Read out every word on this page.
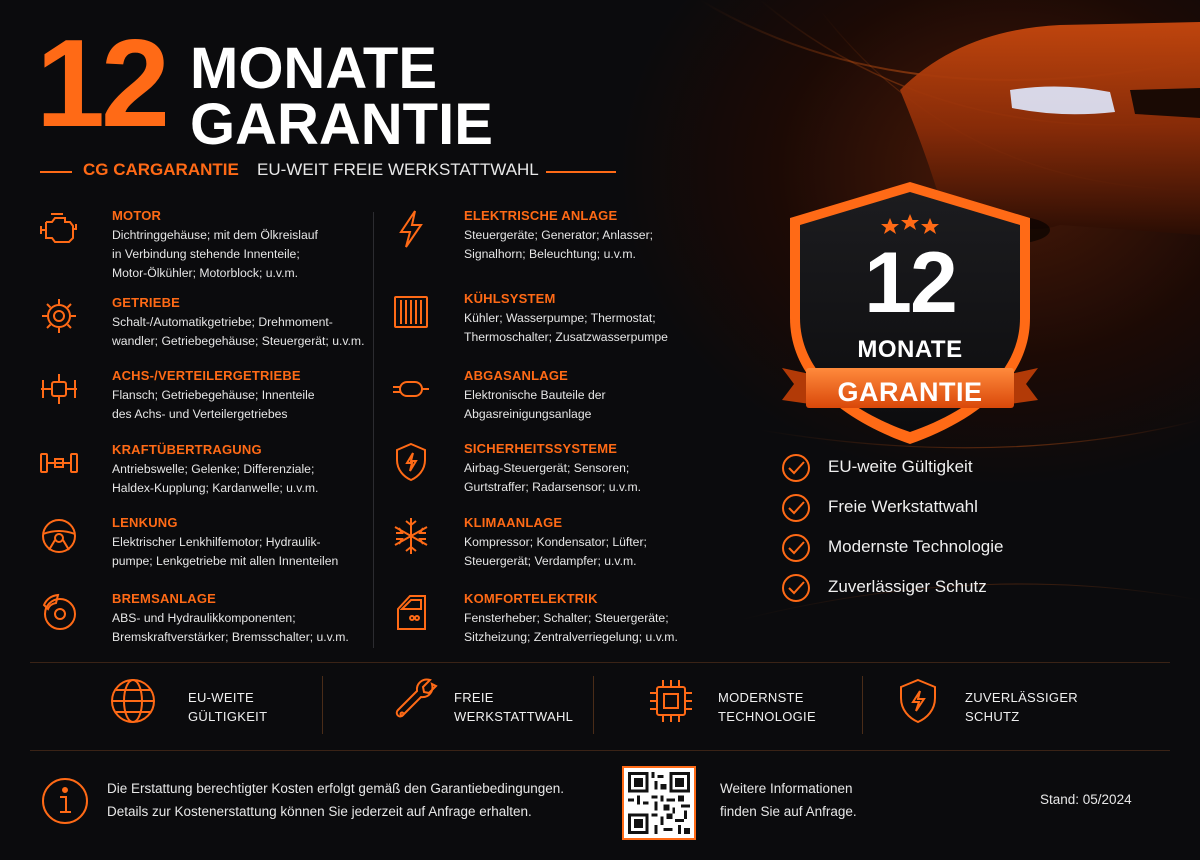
12 MONATE
GARANTIE
CG CARGARANTIE EU-WEIT FREIE WERKSTATTWAHL
MOTOR
Dichtringgehäuse; mit dem Ölkreislauf
in Verbindung stehende Innenteile;
Motor-Ölkühler; Motorblock; u.v.m.
GETRIEBE
Schalt-/Automatikgetriebe; Drehmoment-
wandler; Getriebegehäuse; Steuergerät; u.v.m.
ACHS-/VERTEILERGETRIEBE
Flansch; Getriebegehäuse; Innenteile
des Achs- und Verteilergetriebes
KRAFTÜBERTRAGUNG
Antriebswelle; Gelenke; Differenziale;
Haldex-Kupplung; Kardanwelle; u.v.m.
LENKUNG
Elektrischer Lenkhilfemotor; Hydraulik-
pumpe; Lenkgetriebe mit allen Innenteilen
BREMSANLAGE
ABS- und Hydraulikkomponenten;
Bremskraftverstärker; Bremsschalter; u.v.m.
ELEKTRISCHE ANLAGE
Steuergeräte; Generator; Anlasser;
Signalhorn; Beleuchtung; u.v.m.
KÜHLSYSTEM
Kühler; Wasserpumpe; Thermostat;
Thermoschalter; Zusatzwasserpumpe
ABGASANLAGE
Elektronische Bauteile der
Abgasreinigungsanlage
SICHERHEITSSYSTEME
Airbag-Steuergerät; Sensoren;
Gurtstraffer; Radarsensor; u.v.m.
KLIMAANLAGE
Kompressor; Kondensator; Lüfter;
Steuergerät; Verdampfer; u.v.m.
KOMFORTELEKTRIK
Fensterheber; Schalter; Steuergeräte;
Sitzheizung; Zentralverriegelung; u.v.m.
12
MONATE
GARANTIE
EU-weite Gültigkeit
Freie Werkstattwahl
Modernste Technologie
Zuverlässiger Schutz
EU-WEITE
GÜLTIGKEIT
FREIE
WERKSTATTWAHL
MODERNSTE
TECHNOLOGIE
ZUVERLÄSSIGER
SCHUTZ
Die Erstattung berechtigter Kosten erfolgt gemäß den Garantiebedingungen.
Details zur Kostenerstattung können Sie jederzeit auf Anfrage erhalten.
Weitere Informationen
finden Sie auf Anfrage.
Stand: 05/2024
